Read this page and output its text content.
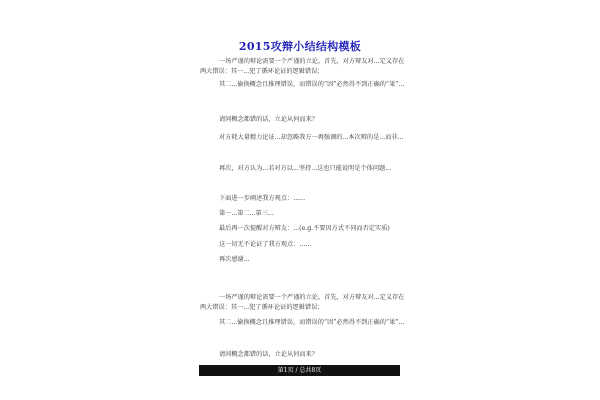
2015攻辩小结结构模板
一场严谨的辩论需要一个严谨的立论。首先，对方辩友对...定义存在两大错误：其一...犯了循环论证的逻辑错误；
其二...偷换概念且推理错误，而错误的“因”必然得不到正确的“果”...
请问概念都错的话，立论从何而来？
对方耗大量精力论证...却忽略我方一再强调的...本次辩的是...而非...
再次，对方认为...若对方以...坚持...这也只能说明是个体问题...
下面进一步阐述我方观点：......
第一...第二...第三...
最后再一次提醒对方辩友：...(e.g.不要因方式不同而否定实质)
这一切无不论证了我方观点：......
再次感谢...
一场严谨的辩论需要一个严谨的立论。首先，对方辩友对...定义存在两大错误：其一...犯了循环论证的逻辑错误；
其二...偷换概念且推理错误，而错误的“因”必然得不到正确的“果”...
请问概念都错的话，立论从何而来？
第1页 / 总共8页
